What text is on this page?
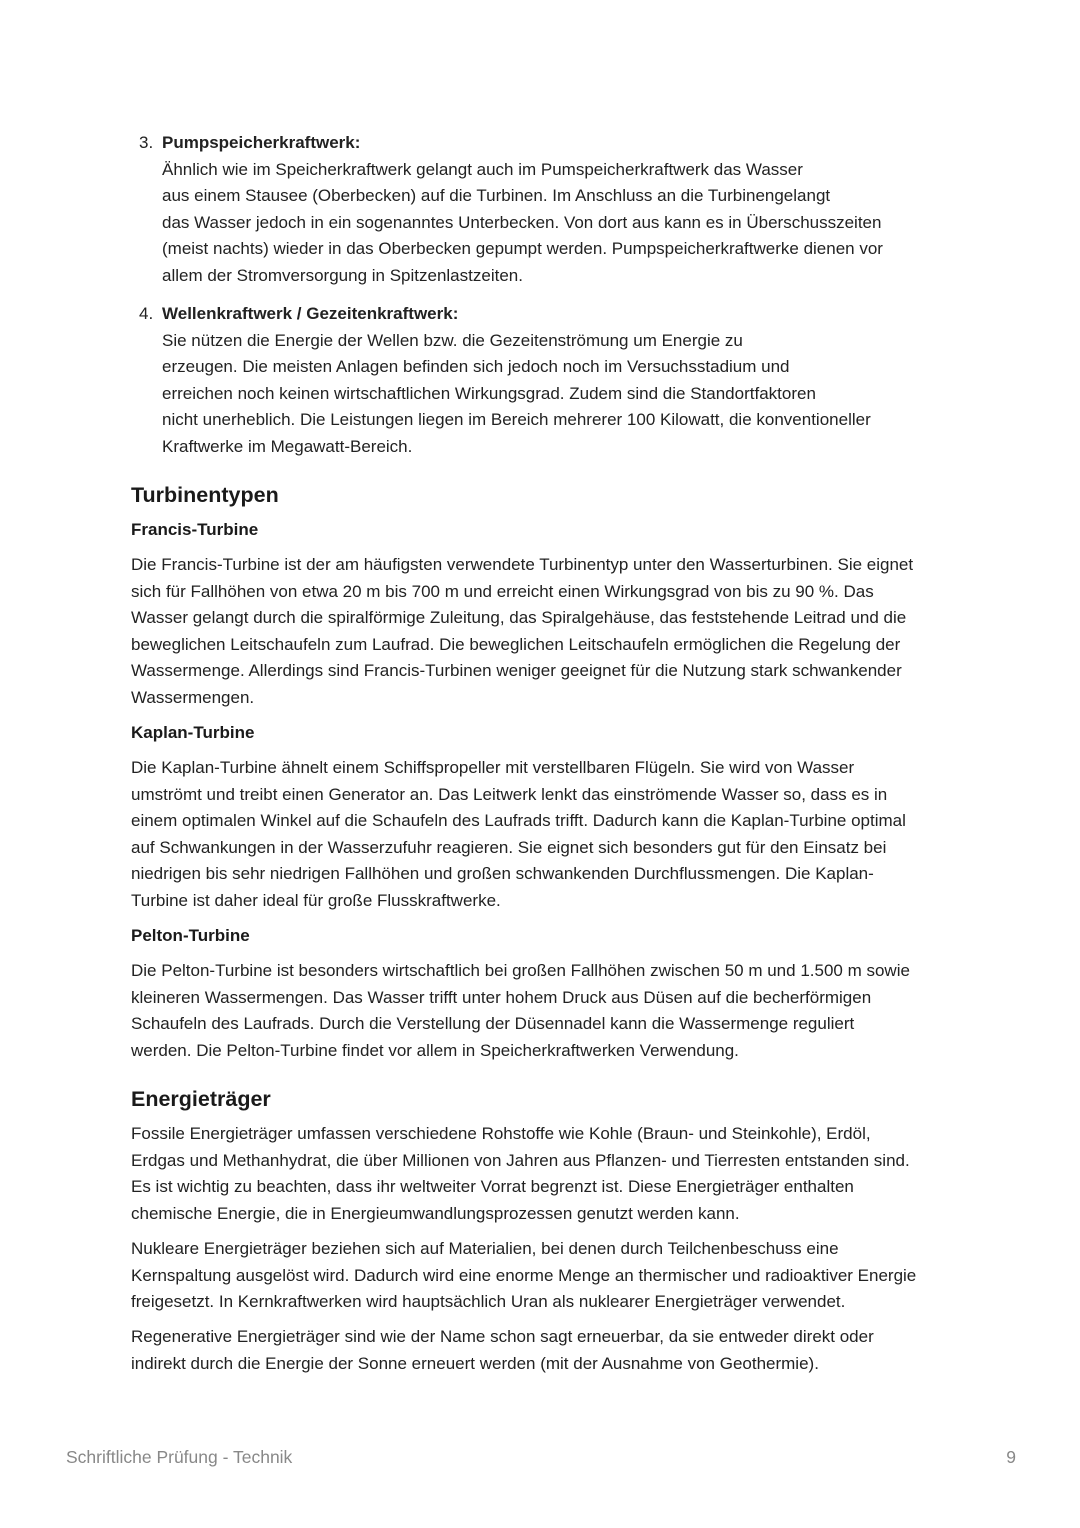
3. Pumpspeicherkraftwerk:

Ähnlich wie im Speicherkraftwerk gelangt auch im Pumspeicherkraftwerk das Wasser
aus einem Stausee (Oberbecken) auf die Turbinen. Im Anschluss an die Turbinengelangt
das Wasser jedoch in ein sogenanntes Unterbecken. Von dort aus kann es in Überschusszeiten
(meist nachts) wieder in das Oberbecken gepumpt werden. Pumpspeicherkraftwerke dienen vor
allem der Stromversorgung in Spitzenlastzeiten.
4. Wellenkraftwerk / Gezeitenkraftwerk:

Sie nützen die Energie der Wellen bzw. die Gezeitenströmung um Energie zu
erzeugen. Die meisten Anlagen befinden sich jedoch noch im Versuchsstadium und
erreichen noch keinen wirtschaftlichen Wirkungsgrad. Zudem sind die Standortfaktoren
nicht unerheblich. Die Leistungen liegen im Bereich mehrerer 100 Kilowatt, die konventioneller
Kraftwerke im Megawatt-Bereich.
Turbinentypen
Francis-Turbine
Die Francis-Turbine ist der am häufigsten verwendete Turbinentyp unter den Wasserturbinen. Sie eignet
sich für Fallhöhen von etwa 20 m bis 700 m und erreicht einen Wirkungsgrad von bis zu 90 %. Das
Wasser gelangt durch die spiralförmige Zuleitung, das Spiralgehäuse, das feststehende Leitrad und die
beweglichen Leitschaufeln zum Laufrad. Die beweglichen Leitschaufeln ermöglichen die Regelung der
Wassermenge. Allerdings sind Francis-Turbinen weniger geeignet für die Nutzung stark schwankender
Wassermengen.
Kaplan-Turbine
Die Kaplan-Turbine ähnelt einem Schiffspropeller mit verstellbaren Flügeln. Sie wird von Wasser
umströmt und treibt einen Generator an. Das Leitwerk lenkt das einströmende Wasser so, dass es in
einem optimalen Winkel auf die Schaufeln des Laufrads trifft. Dadurch kann die Kaplan-Turbine optimal
auf Schwankungen in der Wasserzufuhr reagieren. Sie eignet sich besonders gut für den Einsatz bei
niedrigen bis sehr niedrigen Fallhöhen und großen schwankenden Durchflussmengen. Die Kaplan-
Turbine ist daher ideal für große Flusskraftwerke.
Pelton-Turbine
Die Pelton-Turbine ist besonders wirtschaftlich bei großen Fallhöhen zwischen 50 m und 1.500 m sowie
kleineren Wassermengen. Das Wasser trifft unter hohem Druck aus Düsen auf die becherförmigen
Schaufeln des Laufrads. Durch die Verstellung der Düsennadel kann die Wassermenge reguliert
werden. Die Pelton-Turbine findet vor allem in Speicherkraftwerken Verwendung.
Energieträger
Fossile Energieträger umfassen verschiedene Rohstoffe wie Kohle (Braun- und Steinkohle), Erdöl,
Erdgas und Methanhydrat, die über Millionen von Jahren aus Pflanzen- und Tierresten entstanden sind.
Es ist wichtig zu beachten, dass ihr weltweiter Vorrat begrenzt ist. Diese Energieträger enthalten
chemische Energie, die in Energieumwandlungsprozessen genutzt werden kann.
Nukleare Energieträger beziehen sich auf Materialien, bei denen durch Teilchenbeschuss eine
Kernspaltung ausgelöst wird. Dadurch wird eine enorme Menge an thermischer und radioaktiver Energie
freigesetzt. In Kernkraftwerken wird hauptsächlich Uran als nuklearer Energieträger verwendet.
Regenerative Energieträger sind wie der Name schon sagt erneuerbar, da sie entweder direkt oder
indirekt durch die Energie der Sonne erneuert werden (mit der Ausnahme von Geothermie).
Schriftliche Prüfung - Technik	9
